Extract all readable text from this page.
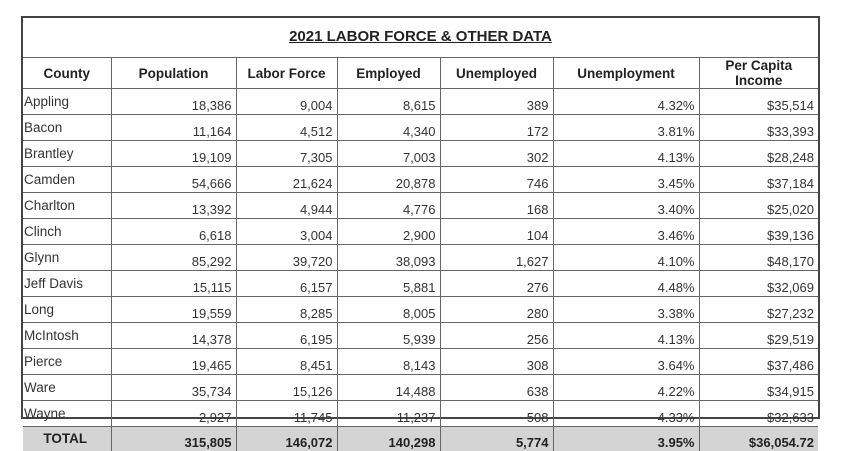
2021 LABOR FORCE & OTHER DATA
County	Population	Labor Force	Employed	Unemployed	Unemployment	Per Capita Income
Appling	18,386	9,004	8,615	389	4.32%	$35,514
Bacon	11,164	4,512	4,340	172	3.81%	$33,393
Brantley	19,109	7,305	7,003	302	4.13%	$28,248
Camden	54,666	21,624	20,878	746	3.45%	$37,184
Charlton	13,392	4,944	4,776	168	3.40%	$25,020
Clinch	6,618	3,004	2,900	104	3.46%	$39,136
Glynn	85,292	39,720	38,093	1,627	4.10%	$48,170
Jeff Davis	15,115	6,157	5,881	276	4.48%	$32,069
Long	19,559	8,285	8,005	280	3.38%	$27,232
McIntosh	14,378	6,195	5,939	256	4.13%	$29,519
Pierce	19,465	8,451	8,143	308	3.64%	$37,486
Ware	35,734	15,126	14,488	638	4.22%	$34,915
Wayne	2,927	11,745	11,237	508	4.33%	$32,633
TOTAL	315,805	146,072	140,298	5,774	3.95%	$36,054.72
